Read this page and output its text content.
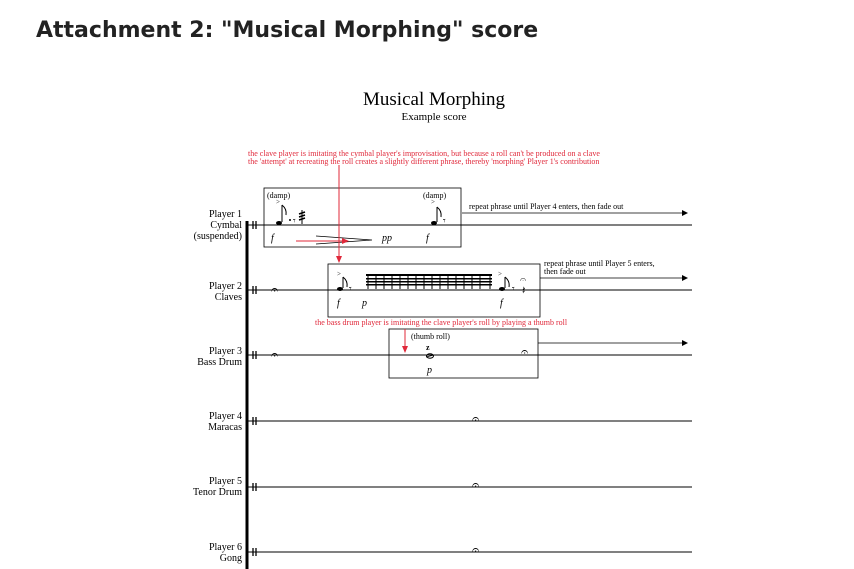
Attachment 2: "Musical Morphing" score
Musical Morphing
Example score
the clave player is imitating the cymbal player's improvisation, but because a roll can't be produced on a clave
the 'attempt' at recreating the roll creates a slightly different phrase, thereby 'morphing' Player 1's contribution
the bass drum player is imitating the clave player's roll by playing a thumb roll
Player 1
Cymbal
(suspended)
Player 2
Claves
Player 3
Bass Drum
Player 4
Maracas
Player 5
Tenor Drum
Player 6
Gong
>
𝄾
>
𝄾
𝄐
>
𝄾
>
𝄾 𝄽
𝄐
𝄐	z	𝄐
𝄐
𝄐
𝄐
(damp)	(damp)
repeat phrase until Player 4 enters, then fade out
f	pp	f
repeat phrase until Player 5 enters,
then fade out
f p	f
(thumb roll)
p
